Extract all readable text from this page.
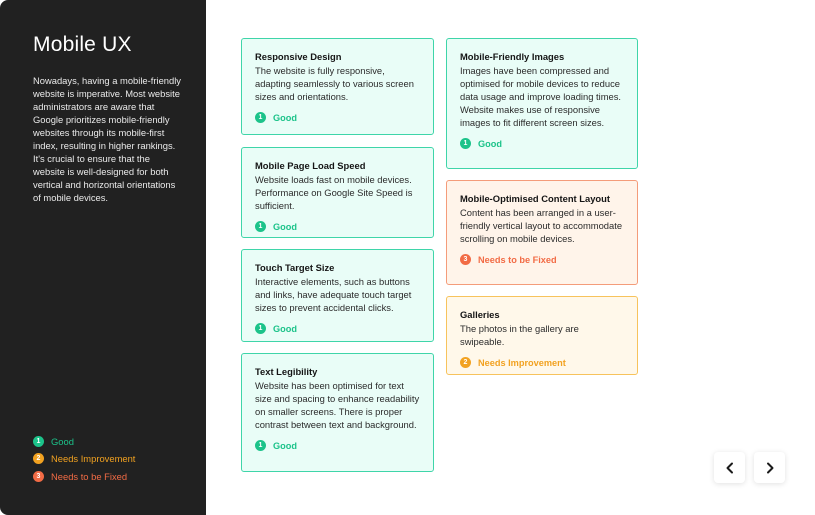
Mobile UX
Nowadays, having a mobile-friendly website is imperative. Most website administrators are aware that Google prioritizes mobile-friendly websites through its mobile-first index, resulting in higher rankings. It's crucial to ensure that the website is well-designed for both vertical and horizontal orientations of mobile devices.
1	Good
2	Needs Improvement
3	Needs to be Fixed
Responsive Design
The website is fully responsive, adapting seamlessly to various screen sizes and orientations.
1	Good
Mobile Page Load Speed
Website loads fast on mobile devices. Performance on Google Site Speed is sufficient.
1	Good
Touch Target Size
Interactive elements, such as buttons and links, have adequate touch target sizes to prevent accidental clicks.
1	Good
Text Legibility
Website has been optimised for text size and spacing to enhance readability on smaller screens. There is proper contrast between text and background.
1	Good
Mobile-Friendly Images
Images have been compressed and optimised for mobile devices to reduce data usage and improve loading times. Website makes use of responsive images to fit different screen sizes.
1	Good
Mobile-Optimised Content Layout
Content has been arranged in a user-friendly vertical layout to accommodate scrolling on mobile devices.
3	Needs to be Fixed
Galleries
The photos in the gallery are swipeable.
2	Needs Improvement
